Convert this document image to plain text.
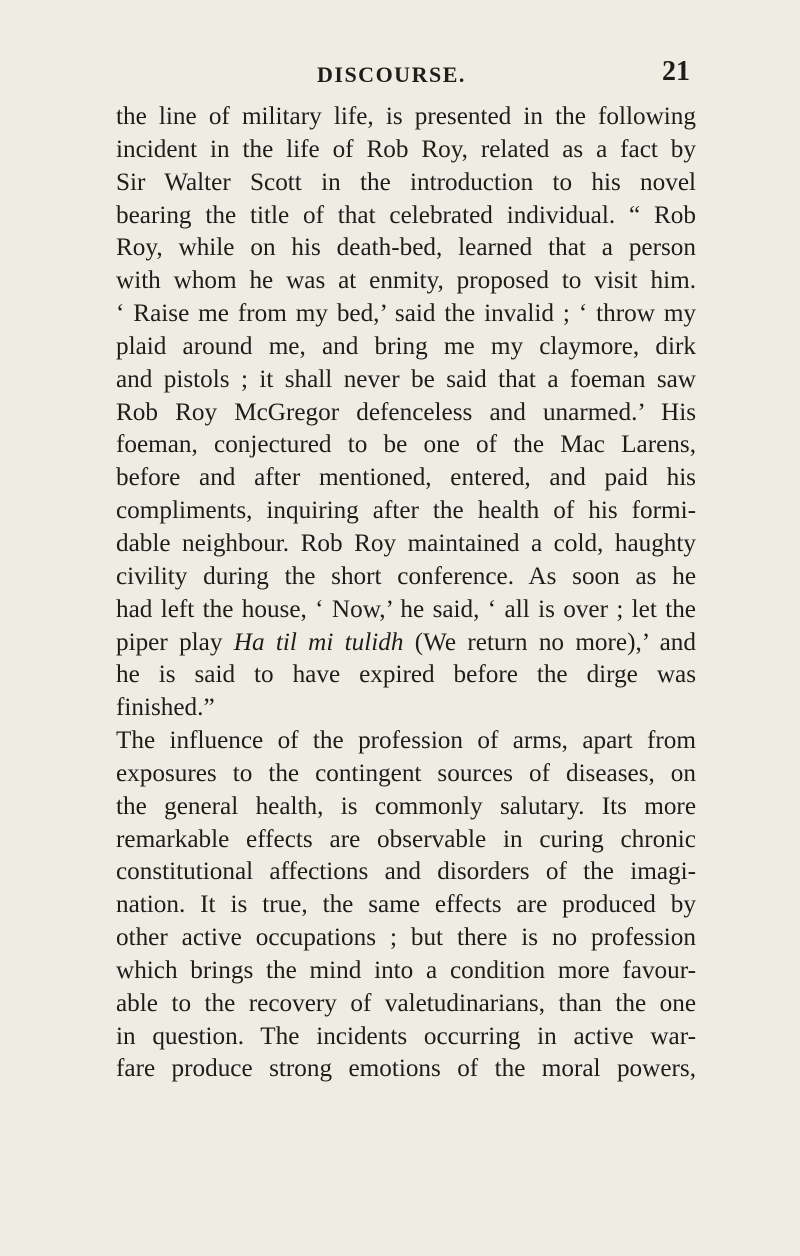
DISCOURSE.	21
the line of military life, is presented in the following
incident in the life of Rob Roy, related as a fact by
Sir Walter Scott in the introduction to his novel
bearing the title of that celebrated individual. “ Rob
Roy, while on his death-bed, learned that a person
with whom he was at enmity, proposed to visit him.
‘ Raise me from my bed,’ said the invalid ; ‘ throw my
plaid around me, and bring me my claymore, dirk
and pistols ; it shall never be said that a foeman saw
Rob Roy McGregor defenceless and unarmed.’ His
foeman, conjectured to be one of the Mac Larens,
before and after mentioned, entered, and paid his
compliments, inquiring after the health of his formi-
dable neighbour. Rob Roy maintained a cold, haughty
civility during the short conference. As soon as he
had left the house, ‘ Now,’ he said, ‘ all is over ; let the
piper play Ha til mi tulidh (We return no more),’ and
he is said to have expired before the dirge was
finished.”
The influence of the profession of arms, apart from
exposures to the contingent sources of diseases, on
the general health, is commonly salutary. Its more
remarkable effects are observable in curing chronic
constitutional affections and disorders of the imagi-
nation. It is true, the same effects are produced by
other active occupations ; but there is no profession
which brings the mind into a condition more favour-
able to the recovery of valetudinarians, than the one
in question. The incidents occurring in active war-
fare produce strong emotions of the moral powers,
